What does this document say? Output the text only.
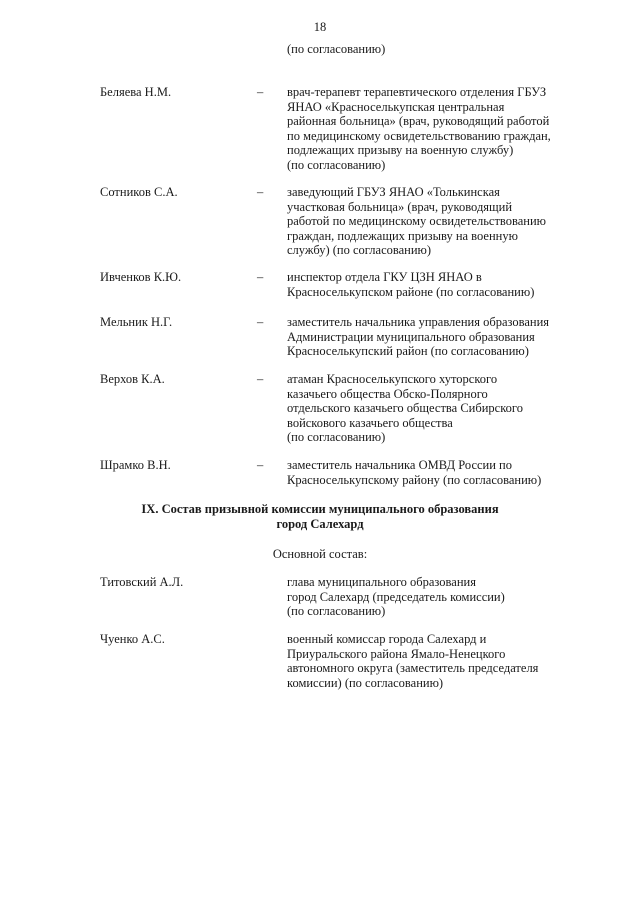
18
(по согласованию)
Беляева Н.М.	– врач-терапевт терапевтического отделения ГБУЗ
ЯНАО «Красноселькупская центральная
районная больница» (врач, руководящий работой
по медицинскому освидетельствованию граждан,
подлежащих призыву на военную службу)
(по согласованию)
Сотников С.А.	– заведующий ГБУЗ ЯНАО «Толькинская
участковая больница» (врач, руководящий
работой по медицинскому освидетельствованию
граждан, подлежащих призыву на военную
службу) (по согласованию)
Ивченков К.Ю.	– инспектор отдела ГКУ ЦЗН ЯНАО в
Красноселькупском районе (по согласованию)
Мельник Н.Г.	– заместитель начальника управления образования
Администрации муниципального образования
Красноселькупский район (по согласованию)
Верхов К.А.	– атаман Красноселькупского хуторского
казачьего общества Обско-Полярного
отдельского казачьего общества Сибирского
войскового казачьего общества
(по согласованию)
Шрамко В.Н.	– заместитель начальника ОМВД России по
Красноселькупскому району (по согласованию)
IX. Состав призывной комиссии муниципального образования
город Салехард
Основной состав:
Титовский А.Л.	глава муниципального образования
город Салехард (председатель комиссии)
(по согласованию)
Чуенко А.С.	военный комиссар города Салехард и
Приуральского района Ямало-Ненецкого
автономного округа (заместитель председателя
комиссии) (по согласованию)
